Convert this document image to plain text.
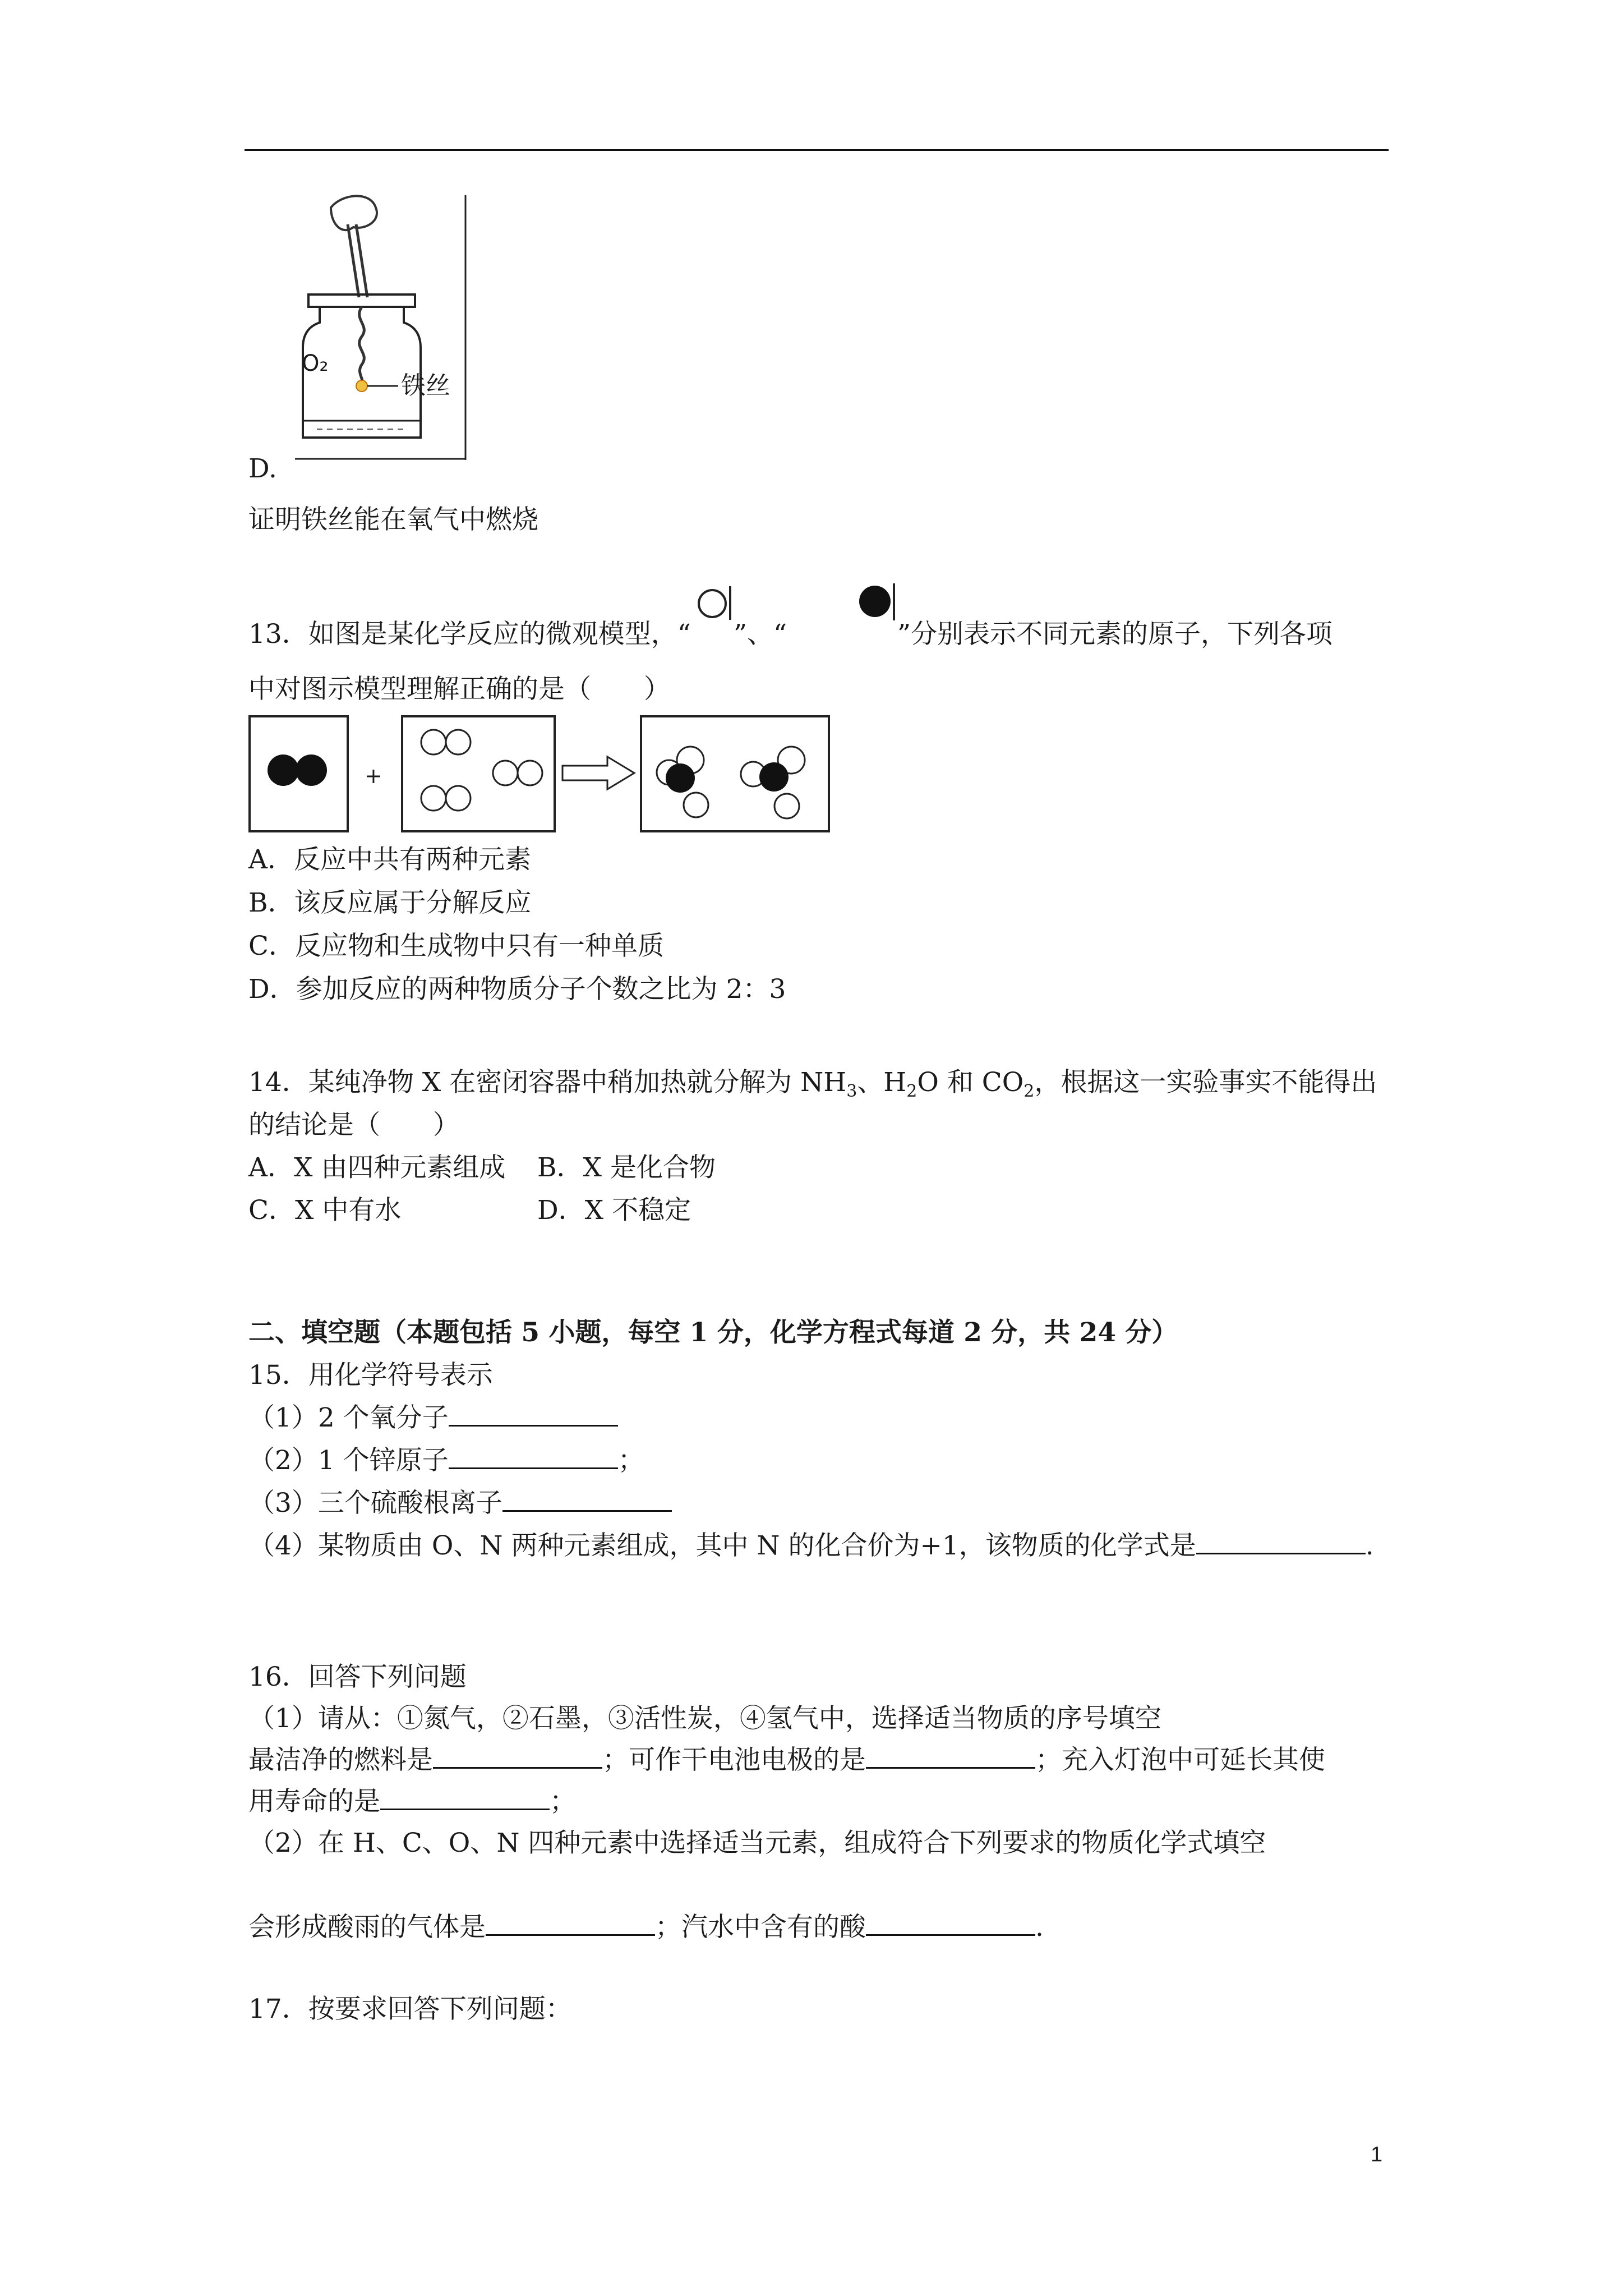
O₂
铁丝
D.
证明铁丝能在氧气中燃烧
13．如图是某化学反应的微观模型，“ ”、“	”分别表示不同元素的原子，下列各项
中对图示模型理解正确的是（　　）
+
A．反应中共有两种元素
B．该反应属于分解反应
C．反应物和生成物中只有一种单质
D．参加反应的两种物质分子个数之比为 2：3
14．某纯净物 X 在密闭容器中稍加热就分解为 $NH_3$、$H_2O$ 和 $CO_2$，根据这一实验事实不能得出
的结论是（　　）
A．X 由四种元素组成 B．X 是化合物
C．X 中有水	D．X 不稳定
二、填空题（本题包括 5 小题，每空 1 分，化学方程式每道 2 分，共 24 分）
15．用化学符号表示
（1）2 个氧分子
（2）1 个锌原子	；
（3）三个硫酸根离子
（4）某物质由 O、N 两种元素组成，其中 N 的化合价为+1，该物质的化学式是	.
16．回答下列问题
（1）请从：①氮气，②石墨，③活性炭，④氢气中，选择适当物质的序号填空
最洁净的燃料是	；可作干电池电极的是	；充入灯泡中可延长其使
用寿命的是	；
（2）在 H、C、O、N 四种元素中选择适当元素，组成符合下列要求的物质化学式填空
会形成酸雨的气体是	；汽水中含有的酸	.
17．按要求回答下列问题：
1
